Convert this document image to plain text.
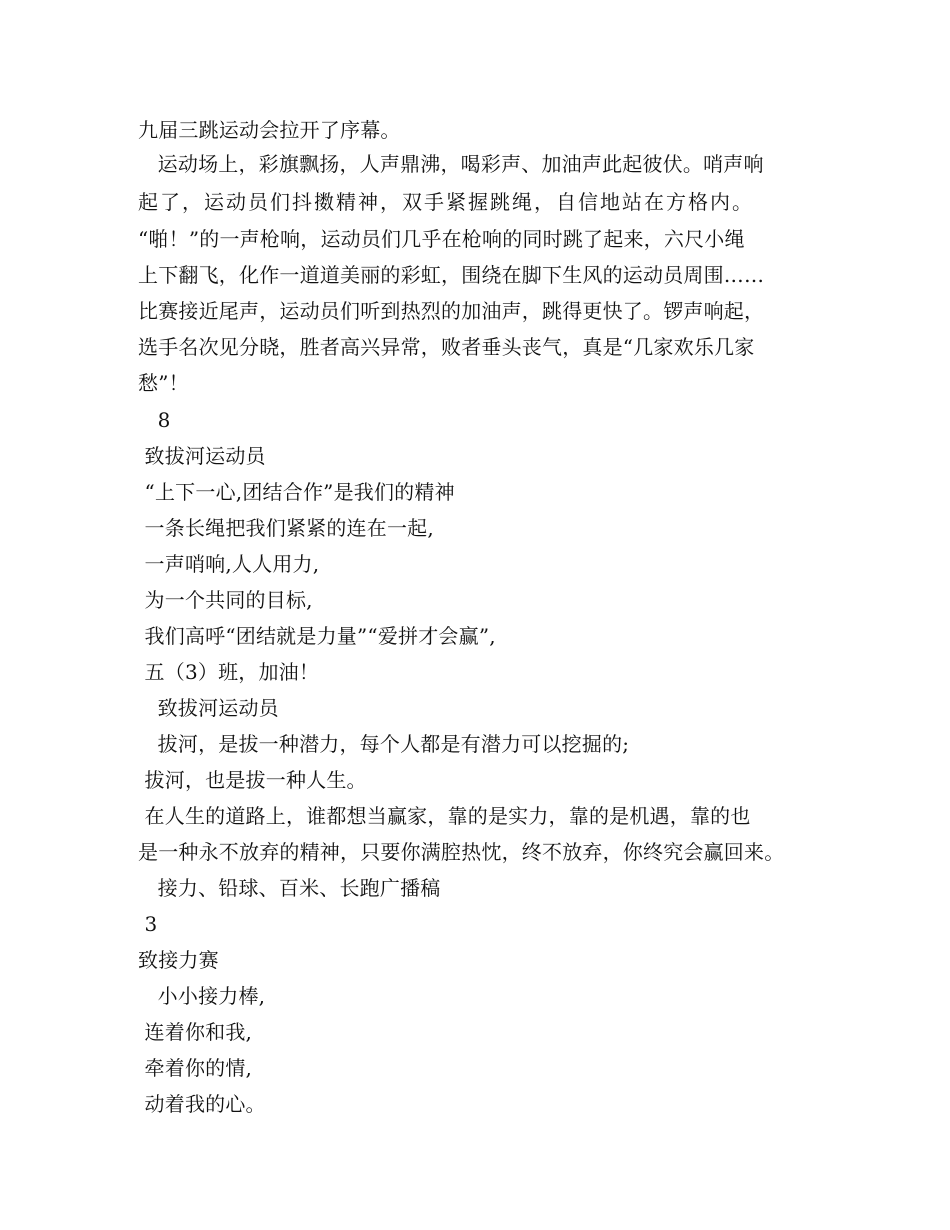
九届三跳运动会拉开了序幕。
运动场上，彩旗飘扬，人声鼎沸，喝彩声、加油声此起彼伏。哨声响
起了，运动员们抖擞精神，双手紧握跳绳，自信地站在方格内。
“啪！”的一声枪响，运动员们几乎在枪响的同时跳了起来，六尺小绳
上下翻飞，化作一道道美丽的彩虹，围绕在脚下生风的运动员周围……
比赛接近尾声，运动员们听到热烈的加油声，跳得更快了。锣声响起，
选手名次见分晓，胜者高兴异常，败者垂头丧气，真是“几家欢乐几家
愁”！
8
致拔河运动员
“上下一心,团结合作”是我们的精神
一条长绳把我们紧紧的连在一起,
一声哨响,人人用力,
为一个共同的目标,
我们高呼“团结就是力量”“爱拼才会赢”,
五（3）班，加油！
致拔河运动员
拔河，是拔一种潜力，每个人都是有潜力可以挖掘的;
拔河，也是拔一种人生。
在人生的道路上，谁都想当赢家，靠的是实力，靠的是机遇，靠的也
是一种永不放弃的精神，只要你满腔热忱，终不放弃，你终究会赢回来。
接力、铅球、百米、长跑广播稿
3
致接力赛
小小接力棒,
连着你和我,
牵着你的情,
动着我的心。
